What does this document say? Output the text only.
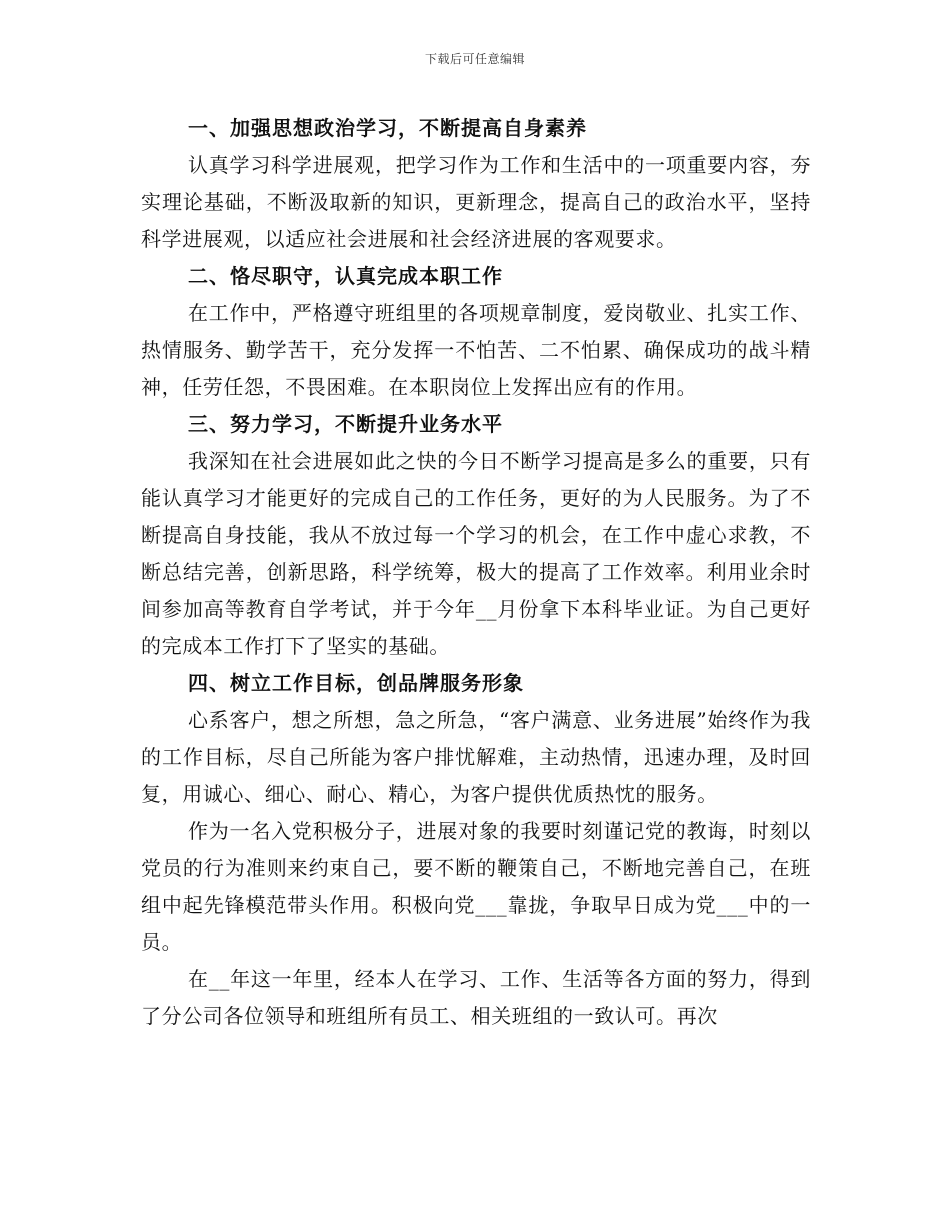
下载后可任意编辑
一、加强思想政治学习，不断提高自身素养

认真学习科学进展观，把学习作为工作和生活中的一项重要内容，夯实理论基础，不断汲取新的知识，更新理念，提高自己的政治水平，坚持科学进展观，以适应社会进展和社会经济进展的客观要求。

二、恪尽职守，认真完成本职工作

在工作中，严格遵守班组里的各项规章制度，爱岗敬业、扎实工作、热情服务、勤学苦干，充分发挥一不怕苦、二不怕累、确保成功的战斗精神，任劳任怨，不畏困难。在本职岗位上发挥出应有的作用。

三、努力学习，不断提升业务水平

我深知在社会进展如此之快的今日不断学习提高是多么的重要，只有能认真学习才能更好的完成自己的工作任务，更好的为人民服务。为了不断提高自身技能，我从不放过每一个学习的机会，在工作中虚心求教，不断总结完善，创新思路，科学统筹，极大的提高了工作效率。利用业余时间参加高等教育自学考试，并于今年__月份拿下本科毕业证。为自己更好的完成本工作打下了坚实的基础。

四、树立工作目标，创品牌服务形象

心系客户，想之所想，急之所急，“客户满意、业务进展”始终作为我的工作目标，尽自己所能为客户排忧解难，主动热情，迅速办理，及时回复，用诚心、细心、耐心、精心，为客户提供优质热忱的服务。

作为一名入党积极分子，进展对象的我要时刻谨记党的教诲，时刻以党员的行为准则来约束自己，要不断的鞭策自己，不断地完善自己，在班组中起先锋模范带头作用。积极向党___靠拢，争取早日成为党___中的一员。

在__年这一年里，经本人在学习、工作、生活等各方面的努力，得到了分公司各位领导和班组所有员工、相关班组的一致认可。再次
